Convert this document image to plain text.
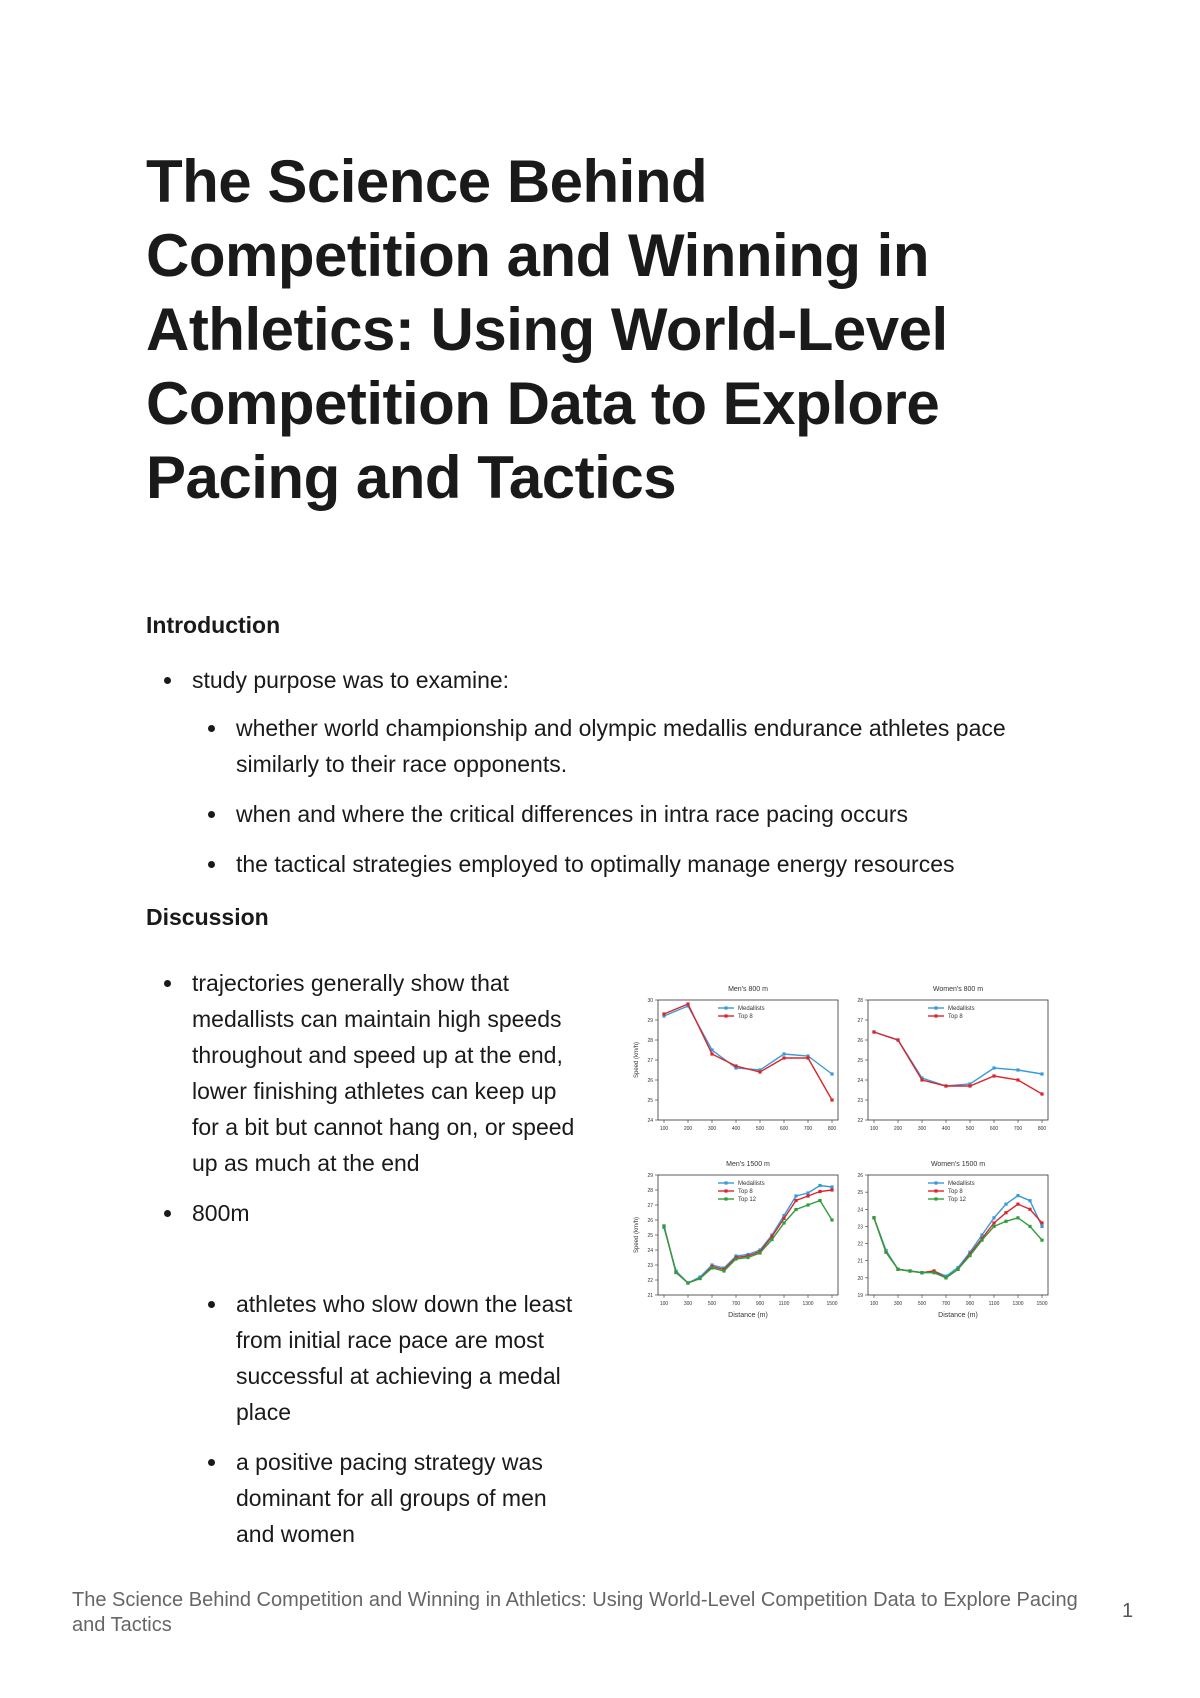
The Science Behind Competition and Winning in Athletics: Using World-Level Competition Data to Explore Pacing and Tactics
Introduction
study purpose was to examine:
whether world championship and olympic medallis endurance athletes pace similarly to their race opponents.
when and where the critical differences in intra race pacing occurs
the tactical strategies employed to optimally manage energy resources
Discussion
trajectories generally show that medallists can maintain high speeds throughout and speed up at the end, lower finishing athletes can keep up for a bit but cannot hang on, or speed up as much at the end
800m
athletes who slow down the least from initial race pace are most successful at achieving a medal place
a positive pacing strategy was dominant for all groups of men and women
Men's 800 m
24
25
26
27
28
29
30
100	200	300	400	500	600	700	800
Speed (km/h)
Medallists
Top 8
Women's 800 m
22
23
24
25
26
27
28
100	200	300	400	500	600	700	800
Medallists
Top 8
Men's 1500 m
21
22
23
24
25
26
27
28
29
100	300	500	700	900	1100	1300	1500
Speed (km/h)
Distance (m)
Medallists
Top 8
Top 12
Women's 1500 m
19
20
21
22
23
24
25
26
100	300	500	700	900	1100	1300	1500
Distance (m)
Medallists
Top 8
Top 12
The Science Behind Competition and Winning in Athletics: Using World-Level Competition Data to Explore Pacing and Tactics
1
